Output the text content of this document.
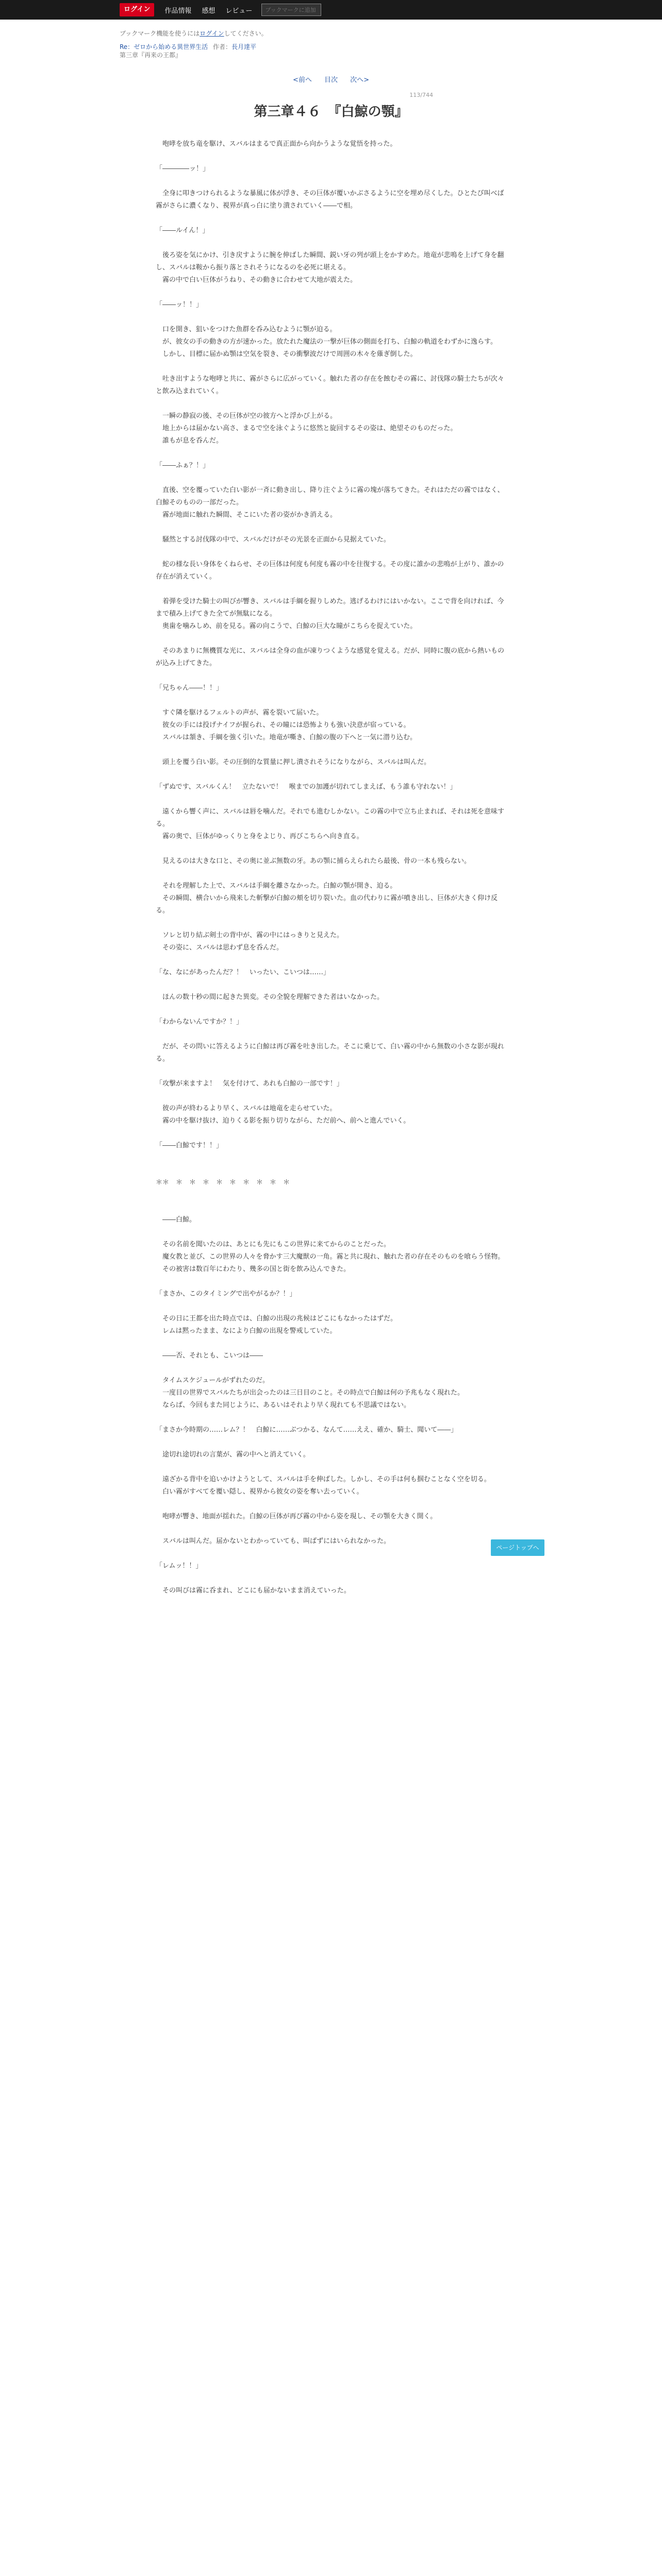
ログイン	作品情報 感想 レビュー
ブックマークに追加
ブックマーク機能を使うにはログインしてください。
Re：ゼロから始める異世界生活 作者：長月達平
第三章『再来の王都』
<前へ 目次 次へ>
113/744
第三章４６　『白鯨の顎』

　咆哮を放ち竜を駆け、スバルはまるで真正面から向かうような覚悟を持った。

「――――ッ！」

　全身に叩きつけられるような暴風に体が浮き、その巨体が覆いかぶさるように空を埋め尽くした。ひとたび叫べば霧がさらに濃くなり、視界が真っ白に塗り潰されていく――で相。

「――ルイん！」

　後ろ姿を気にかけ、引き戻すように腕を伸ばした瞬間、鋭い牙の列が頭上をかすめた。地竜が悲鳴を上げて身を翻し、スバルは鞍から振り落とされそうになるのを必死に堪える。

　霧の中で白い巨体がうねり、その動きに合わせて大地が震えた。

「――ッ！！」

　口を開き、狙いをつけた魚群を呑み込むように顎が迫る。

　が、彼女の手の動きの方が速かった。放たれた魔法の一撃が巨体の側面を打ち、白鯨の軌道をわずかに逸らす。

　しかし、目標に届かぬ顎は空気を裂き、その衝撃波だけで周囲の木々を薙ぎ倒した。

　吐き出すような咆哮と共に、霧がさらに広がっていく。触れた者の存在を蝕むその霧に、討伐隊の騎士たちが次々と飲み込まれていく。

　一瞬の静寂の後、その巨体が空の彼方へと浮かび上がる。

　地上からは届かない高さ、まるで空を泳ぐように悠然と旋回するその姿は、絶望そのものだった。

　誰もが息を呑んだ。

「――ふぁ？！」

　直後、空を覆っていた白い影が一斉に動き出し、降り注ぐように霧の塊が落ちてきた。それはただの霧ではなく、白鯨そのものの一部だった。

　霧が地面に触れた瞬間、そこにいた者の姿がかき消える。

　騒然とする討伐隊の中で、スバルだけがその光景を正面から見据えていた。

　蛇の様な長い身体をくねらせ、その巨体は何度も何度も霧の中を往復する。その度に誰かの悲鳴が上がり、誰かの存在が消えていく。

　着弾を受けた騎士の叫びが響き、スバルは手綱を握りしめた。逃げるわけにはいかない。ここで背を向ければ、今まで積み上げてきた全てが無駄になる。

　奥歯を噛みしめ、前を見る。霧の向こうで、白鯨の巨大な瞳がこちらを捉えていた。

　そのあまりに無機質な光に、スバルは全身の血が凍りつくような感覚を覚える。だが、同時に腹の底から熱いものが込み上げてきた。

「兄ちゃん――！！」

　すぐ隣を駆けるフェルトの声が、霧を裂いて届いた。

　彼女の手には投げナイフが握られ、その瞳には恐怖よりも強い決意が宿っている。

　スバルは頷き、手綱を強く引いた。地竜が嘶き、白鯨の腹の下へと一気に潜り込む。

　頭上を覆う白い影。その圧倒的な質量に押し潰されそうになりながら、スバルは叫んだ。

「ずぬです、スバルくん！　立たないで！　喉までの加護が切れてしまえば、もう誰も守れない！」

　遠くから響く声に、スバルは唇を噛んだ。それでも進むしかない。この霧の中で立ち止まれば、それは死を意味する。

　霧の奥で、巨体がゆっくりと身をよじり、再びこちらへ向き直る。

　見えるのは大きな口と、その奥に並ぶ無数の牙。あの顎に捕らえられたら最後、骨の一本も残らない。

　それを理解した上で、スバルは手綱を離さなかった。白鯨の顎が開き、迫る。

　その瞬間、横合いから飛来した斬撃が白鯨の頬を切り裂いた。血の代わりに霧が噴き出し、巨体が大きく仰け反る。

　ソレと切り結ぶ剣士の背中が、霧の中にはっきりと見えた。

　その姿に、スバルは思わず息を呑んだ。

「な、なにがあったんだ？！　いったい、こいつは……」

　ほんの数十秒の間に起きた異変。その全貌を理解できた者はいなかった。

「わからないんですか？！」

　だが、その問いに答えるように白鯨は再び霧を吐き出した。そこに乗じて、白い霧の中から無数の小さな影が現れる。

「攻撃が来ますよ！　気を付けて、あれも白鯨の一部です！」

　彼の声が終わるより早く、スバルは地竜を走らせていた。

　霧の中を駆け抜け、迫りくる影を振り切りながら、ただ前へ、前へと進んでいく。

「――白鯨です！！」

＊＊　＊　＊　＊　＊　＊　＊　＊　＊　＊

　――白鯨。

　その名前を聞いたのは、あとにも先にもこの世界に来てからのことだった。

　魔女教と並び、この世界の人々を脅かす三大魔獣の一角。霧と共に現れ、触れた者の存在そのものを喰らう怪物。

　その被害は数百年にわたり、幾多の国と街を飲み込んできた。

「まさか、このタイミングで出やがるか？！」

　その日に王都を出た時点では、白鯨の出現の兆候はどこにもなかったはずだ。

　レムは黙ったまま、なにより白鯨の出現を警戒していた。

　――否、それとも、こいつは――

　タイムスケジュールがずれたのだ。

　一度目の世界でスバルたちが出会ったのは三日目のこと。その時点で白鯨は何の予兆もなく現れた。

　ならば、今回もまた同じように、あるいはそれより早く現れても不思議ではない。

「まさか今時期の……レム？！　白鯨に……ぶつかる、なんて……ええ、確か、騎士、聞いて――」

　途切れ途切れの言葉が、霧の中へと消えていく。

　遠ざかる背中を追いかけようとして、スバルは手を伸ばした。しかし、その手は何も掴むことなく空を切る。

　白い霧がすべてを覆い隠し、視界から彼女の姿を奪い去っていく。

　咆哮が響き、地面が揺れた。白鯨の巨体が再び霧の中から姿を現し、その顎を大きく開く。

　スバルは叫んだ。届かないとわかっていても、叫ばずにはいられなかった。

「レムッ！！」

　その叫びは霧に呑まれ、どこにも届かないまま消えていった。

ページトップへ
